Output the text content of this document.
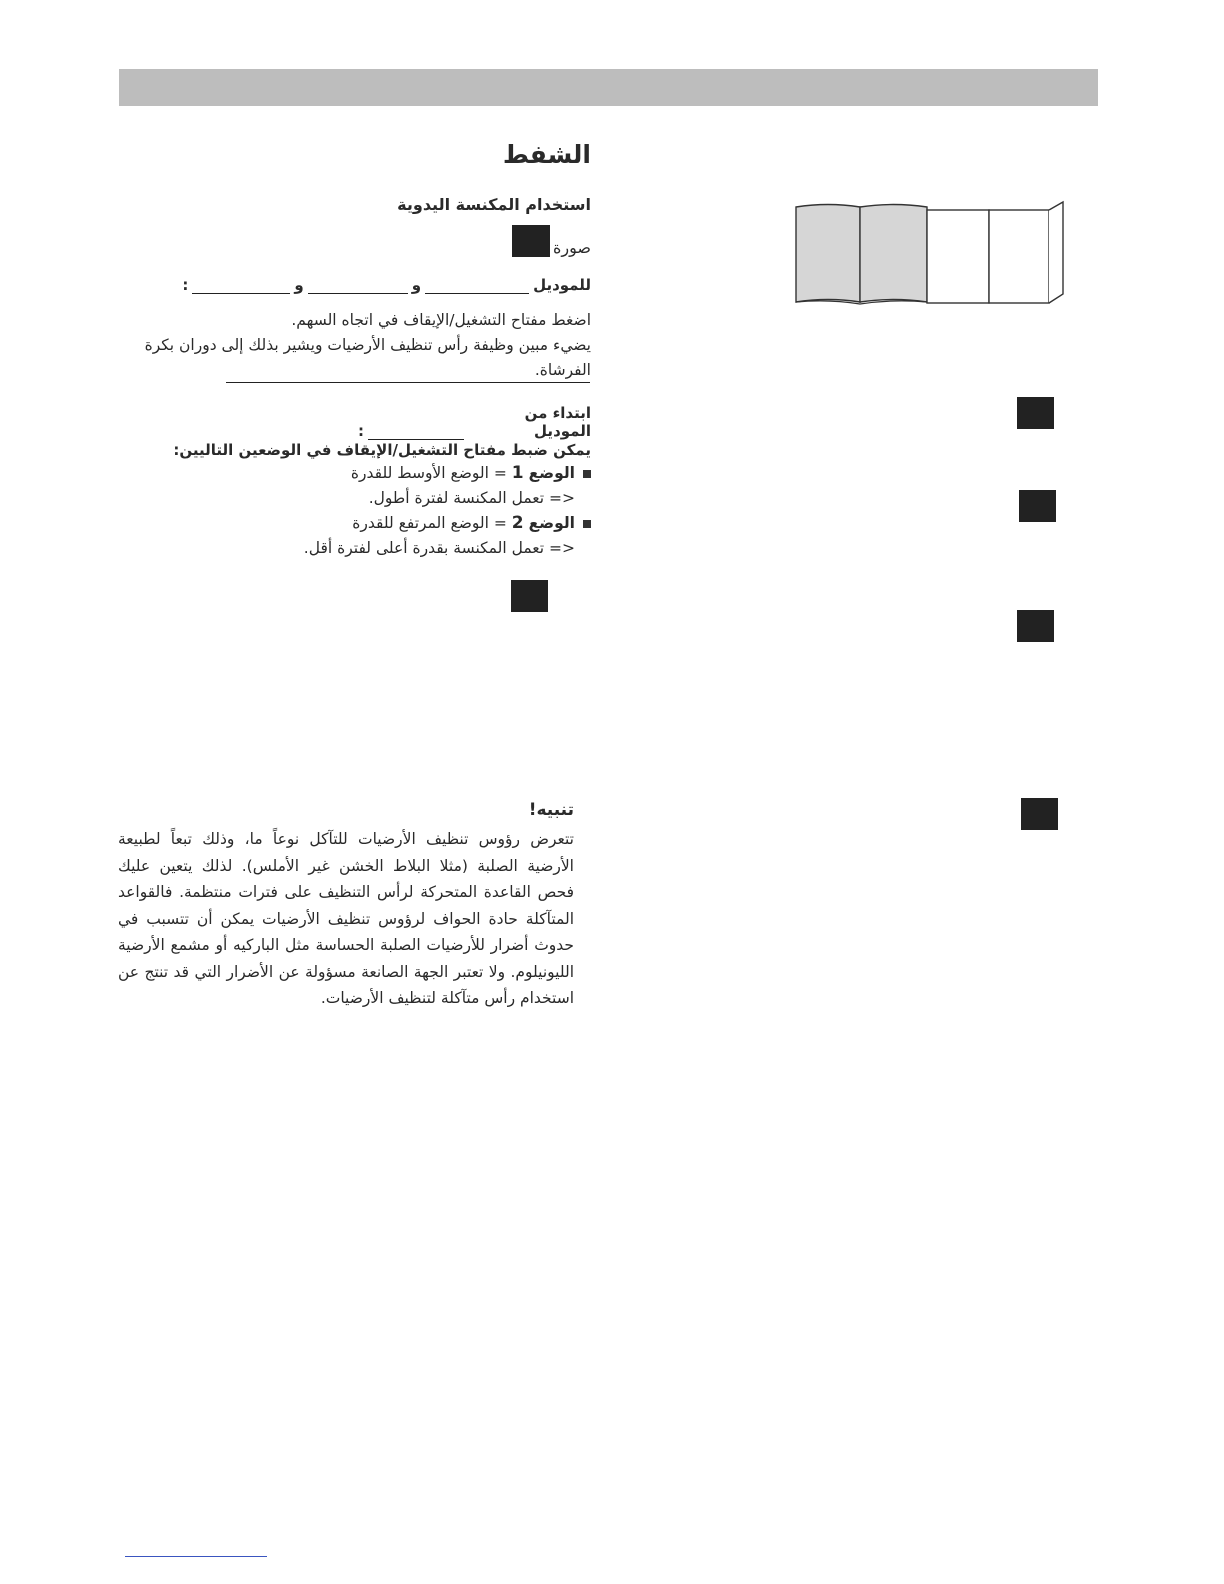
الشفط
استخدام المكنسة اليدوية
صورة
للموديل
و
و
:
اضغط مفتاح التشغيل/الإيقاف في اتجاه السهم.
يضيء مبين وظيفة رأس تنظيف الأرضيات ويشير بذلك إلى دوران بكرة الفرشاة.
ابتداء من الموديل
:
يمكن ضبط مفتاح التشغيل/الإيقاف في الوضعين التاليين:
الوضع 1 = الوضع الأوسط للقدرة
<= تعمل المكنسة لفترة أطول.
الوضع 2 = الوضع المرتفع للقدرة
<= تعمل المكنسة بقدرة أعلى لفترة أقل.
تنبيه!
تتعرض رؤوس تنظيف الأرضيات للتآكل نوعاً ما، وذلك تبعاً لطبيعة الأرضية الصلبة (مثلا البلاط الخشن غير الأملس). لذلك يتعين عليك فحص القاعدة المتحركة لرأس التنظيف على فترات منتظمة. فالقواعد المتآكلة حادة الحواف لرؤوس تنظيف الأرضيات يمكن أن تتسبب في حدوث أضرار للأرضيات الصلبة الحساسة مثل الباركيه أو مشمع الأرضية الليونيلوم. ولا تعتبر الجهة الصانعة مسؤولة عن الأضرار التي قد تنتج عن استخدام رأس متآكلة لتنظيف الأرضيات.
